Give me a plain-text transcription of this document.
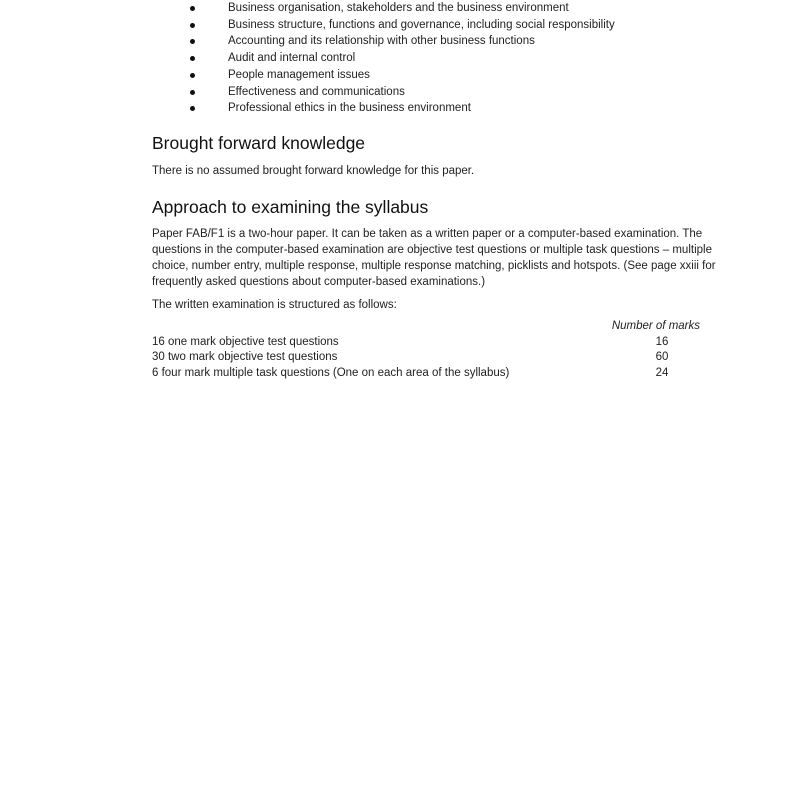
Business organisation, stakeholders and the business environment
Business structure, functions and governance, including social responsibility
Accounting and its relationship with other business functions
Audit and internal control
People management issues
Effectiveness and communications
Professional ethics in the business environment
Brought forward knowledge

There is no assumed brought forward knowledge for this paper.

Approach to examining the syllabus

Paper FAB/F1 is a two-hour paper. It can be taken as a written paper or a computer-based examination. The questions in the computer-based examination are objective test questions or multiple task questions – multiple choice, number entry, multiple response, multiple response matching, picklists and hotspots. (See page xxiii for frequently asked questions about computer-based examinations.)

The written examination is structured as follows:

	Number of marks
16 one mark objective test questions	16
30 two mark objective test questions	60
6 four mark multiple task questions (One on each area of the syllabus)	24
